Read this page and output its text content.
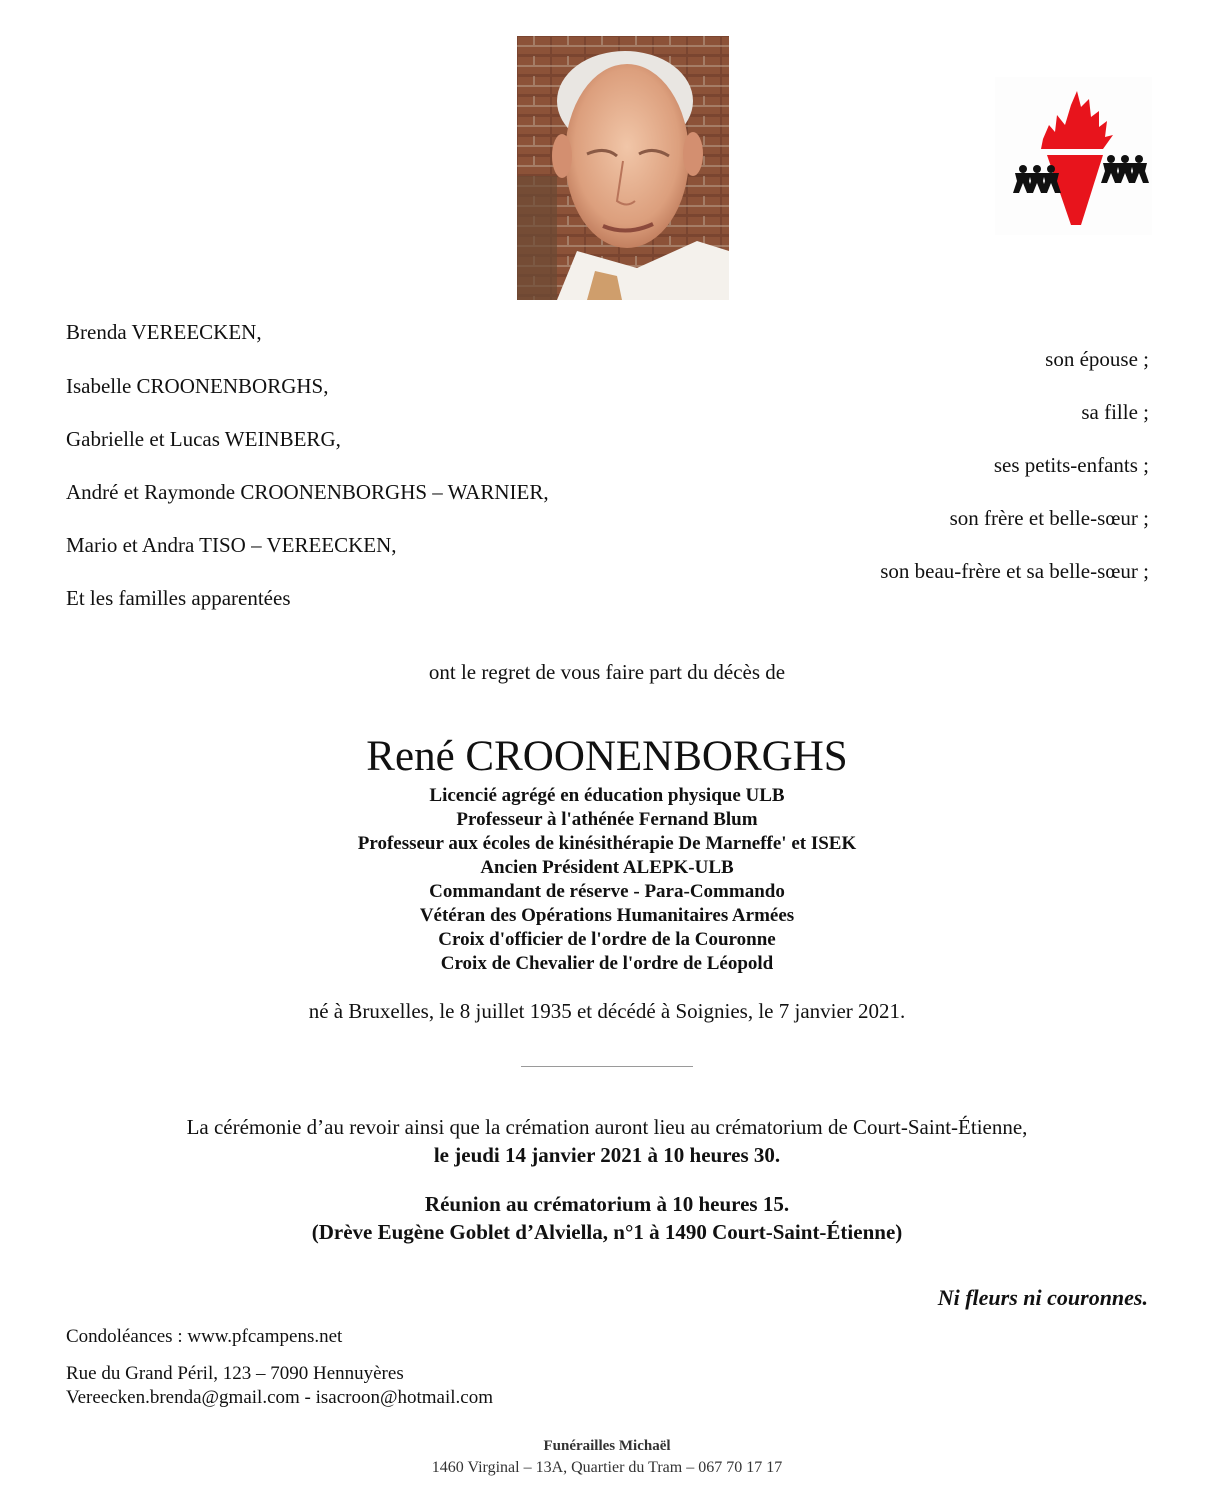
Brenda VEREECKEN,
son épouse ;
Isabelle CROONENBORGHS,
sa fille ;
Gabrielle et Lucas WEINBERG,
ses petits-enfants ;
André et Raymonde CROONENBORGHS – WARNIER,
son frère et belle-sœur ;
Mario et Andra TISO – VEREECKEN,
son beau-frère et sa belle-sœur ;
Et les familles apparentées
ont le regret de vous faire part du décès de
René CROONENBORGHS
Licencié agrégé en éducation physique ULB
Professeur à l'athénée Fernand Blum
Professeur aux écoles de kinésithérapie De Marneffe' et ISEK
Ancien Président ALEPK-ULB
Commandant de réserve - Para-Commando
Vétéran des Opérations Humanitaires Armées
Croix d'officier de l'ordre de la Couronne
Croix de Chevalier de l'ordre de Léopold
né à Bruxelles, le 8 juillet 1935 et décédé à Soignies, le 7 janvier 2021.
La cérémonie d’au revoir ainsi que la crémation auront lieu au crématorium de Court-Saint-Étienne,
le jeudi 14 janvier 2021 à 10 heures 30.
Réunion au crématorium à 10 heures 15.
(Drève Eugène Goblet d’Alviella, n°1 à 1490 Court-Saint-Étienne)
Ni fleurs ni couronnes.
Condoléances : www.pfcampens.net
Rue du Grand Péril, 123 – 7090 Hennuyères
Vereecken.brenda@gmail.com - isacroon@hotmail.com
Funérailles Michaël
1460 Virginal – 13A, Quartier du Tram – 067 70 17 17
